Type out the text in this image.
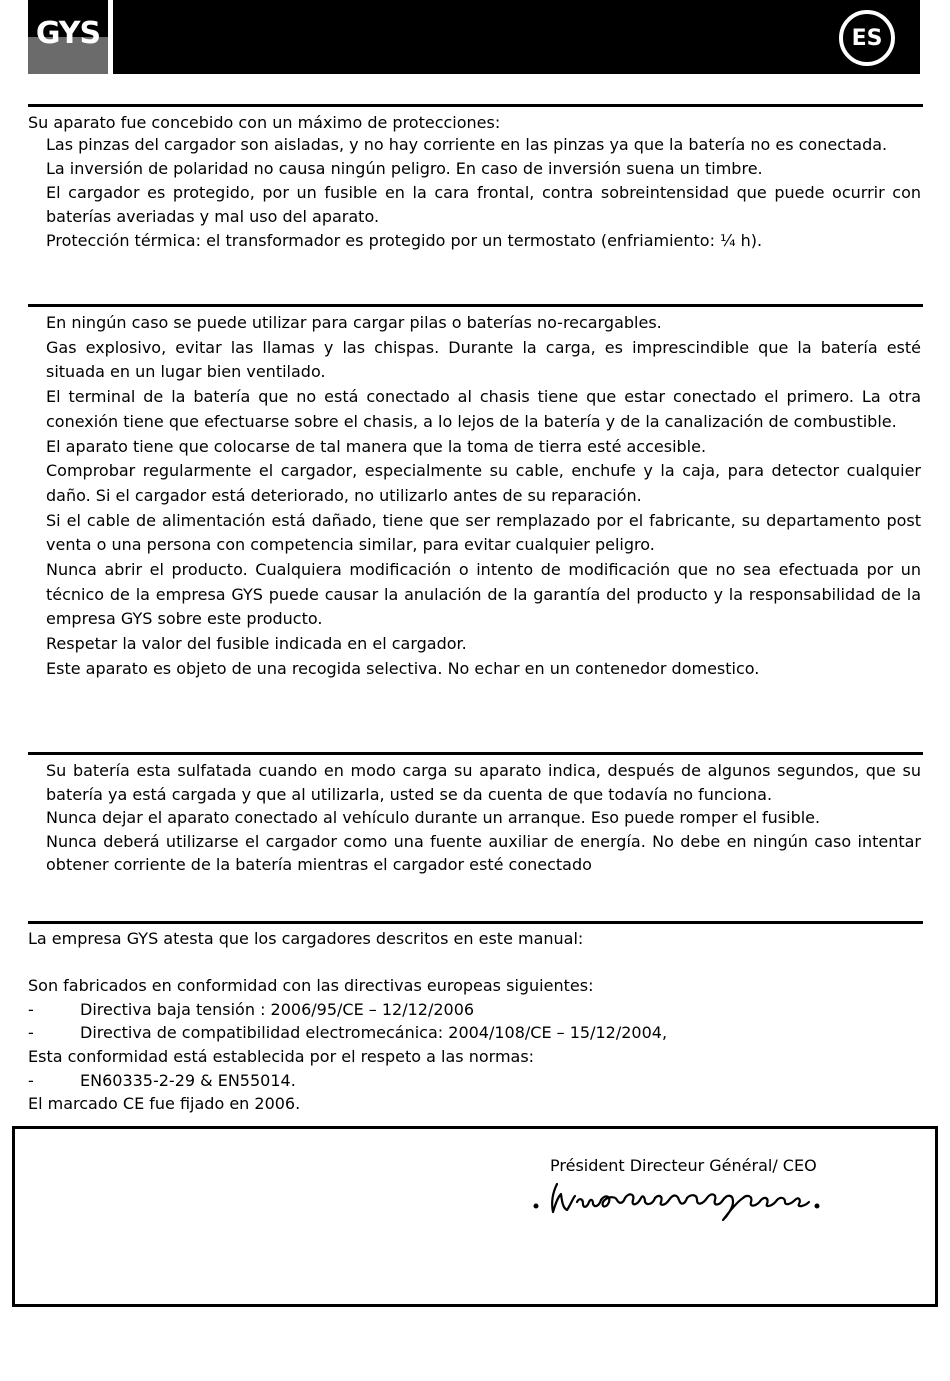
GYS	ES

Su aparato fue concebido con un máximo de protecciones:

Las pinzas del cargador son aisladas, y no hay corriente en las pinzas ya que la batería no es conectada.

La inversión de polaridad no causa ningún peligro. En caso de inversión suena un timbre.

El cargador es protegido, por un fusible en la cara frontal, contra sobreintensidad que puede ocurrir con baterías averiadas y mal uso del aparato.

Protección térmica: el transformador es protegido por un termostato (enfriamiento: ¼ h).

En ningún caso se puede utilizar para cargar pilas o baterías no-recargables.

Gas explosivo, evitar las llamas y las chispas. Durante la carga, es imprescindible que la batería esté situada en un lugar bien ventilado.

El terminal de la batería que no está conectado al chasis tiene que estar conectado el primero. La otra conexión tiene que efectuarse sobre el chasis, a lo lejos de la batería y de la canalización de combustible.

El aparato tiene que colocarse de tal manera que la toma de tierra esté accesible.

Comprobar regularmente el cargador, especialmente su cable, enchufe y la caja, para detector cualquier daño. Si el cargador está deteriorado, no utilizarlo antes de su reparación.

Si el cable de alimentación está dañado, tiene que ser remplazado por el fabricante, su departamento post venta o una persona con competencia similar, para evitar cualquier peligro.

Nunca abrir el producto. Cualquiera modificación o intento de modificación que no sea efectuada por un técnico de la empresa GYS puede causar la anulación de la garantía del producto y la responsabilidad de la empresa GYS sobre este producto.

Respetar la valor del fusible indicada en el cargador.

Este aparato es objeto de una recogida selectiva. No echar en un contenedor domestico.

Su batería esta sulfatada cuando en modo carga su aparato indica, después de algunos segundos, que su batería ya está cargada y que al utilizarla, usted se da cuenta de que todavía no funciona.

Nunca dejar el aparato conectado al vehículo durante un arranque. Eso puede romper el fusible.

Nunca deberá utilizarse el cargador como una fuente auxiliar de energía. No debe en ningún caso intentar obtener corriente de la batería mientras el cargador esté conectado

La empresa GYS atesta que los cargadores descritos en este manual:
Son fabricados en conformidad con las directivas europeas siguientes:
-	Directiva baja tensión : 2006/95/CE – 12/12/2006
-	Directiva de compatibilidad electromecánica: 2004/108/CE – 15/12/2004,
Esta conformidad está establecida por el respeto a las normas:
-	EN60335-2-29 & EN55014.
El marcado CE fue fijado en 2006.
Président Directeur Général/ CEO
